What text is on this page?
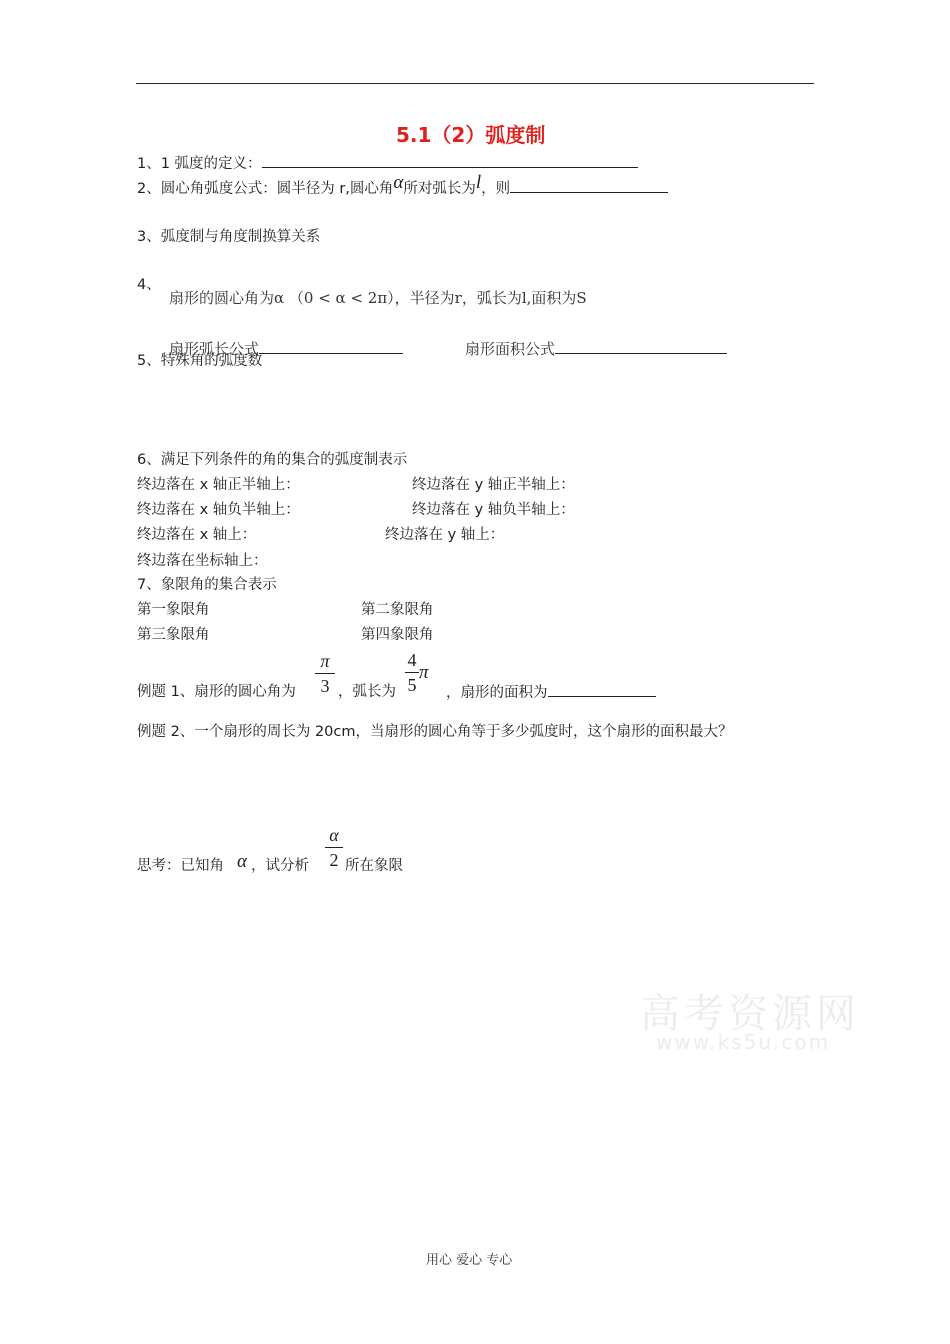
5.1（2）弧度制
1、1 弧度的定义：
2、圆心角弧度公式：圆半径为 r,圆心角α所对弧长为l，则
3、弧度制与角度制换算关系
4、
扇形的圆心角为α （0 < α < 2π），半径为r，弧长为l,面积为S
扇形弧长公式	扇形面积公式
5、特殊角的弧度数
6、满足下列条件的角的集合的弧度制表示
终边落在 x 轴正半轴上：	终边落在 y 轴正半轴上：
终边落在 x 轴负半轴上：	终边落在 y 轴负半轴上：
终边落在 x 轴上：	终边落在 y 轴上：
终边落在坐标轴上：
7、象限角的集合表示
第一象限角	第二象限角
第三象限角	第四象限角
例题 1、扇形的圆心角为
π
3 ，弧长为
4
5
π
，扇形的面积为
例题 2、一个扇形的周长为 20cm，当扇形的圆心角等于多少弧度时，这个扇形的面积最大？
思考：已知角 α ，试分析
α
2 所在象限
高考资源网
www.ks5u.com
用心 爱心 专心
